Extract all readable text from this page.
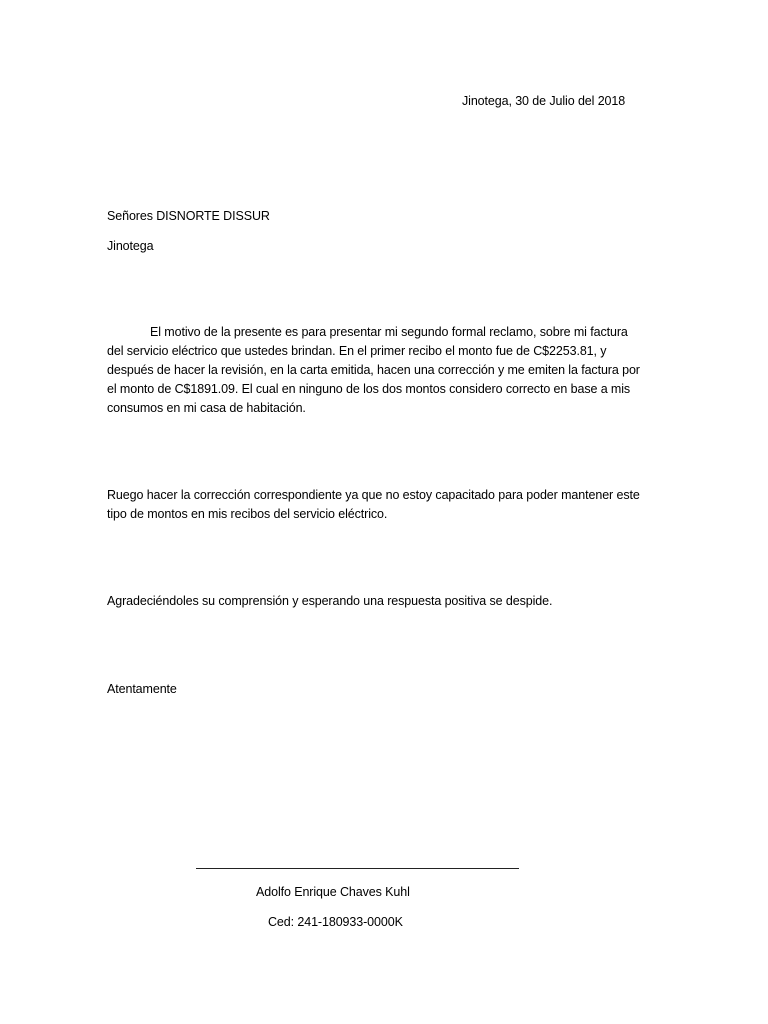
Jinotega, 30 de Julio del 2018
Señores DISNORTE DISSUR
Jinotega
El motivo de la presente es para presentar mi segundo formal reclamo, sobre mi factura
del servicio eléctrico que ustedes brindan. En el primer recibo el monto fue de C$2253.81, y
después de hacer la revisión, en la carta emitida, hacen una corrección y me emiten la factura por
el monto de C$1891.09. El cual en ninguno de los dos montos considero correcto en base a mis
consumos en mi casa de habitación.
Ruego hacer la corrección correspondiente ya que no estoy capacitado para poder mantener este
tipo de montos en mis recibos del servicio eléctrico.
Agradeciéndoles su comprensión y esperando una respuesta positiva se despide.
Atentamente
Adolfo Enrique Chaves Kuhl
Ced: 241-180933-0000K
